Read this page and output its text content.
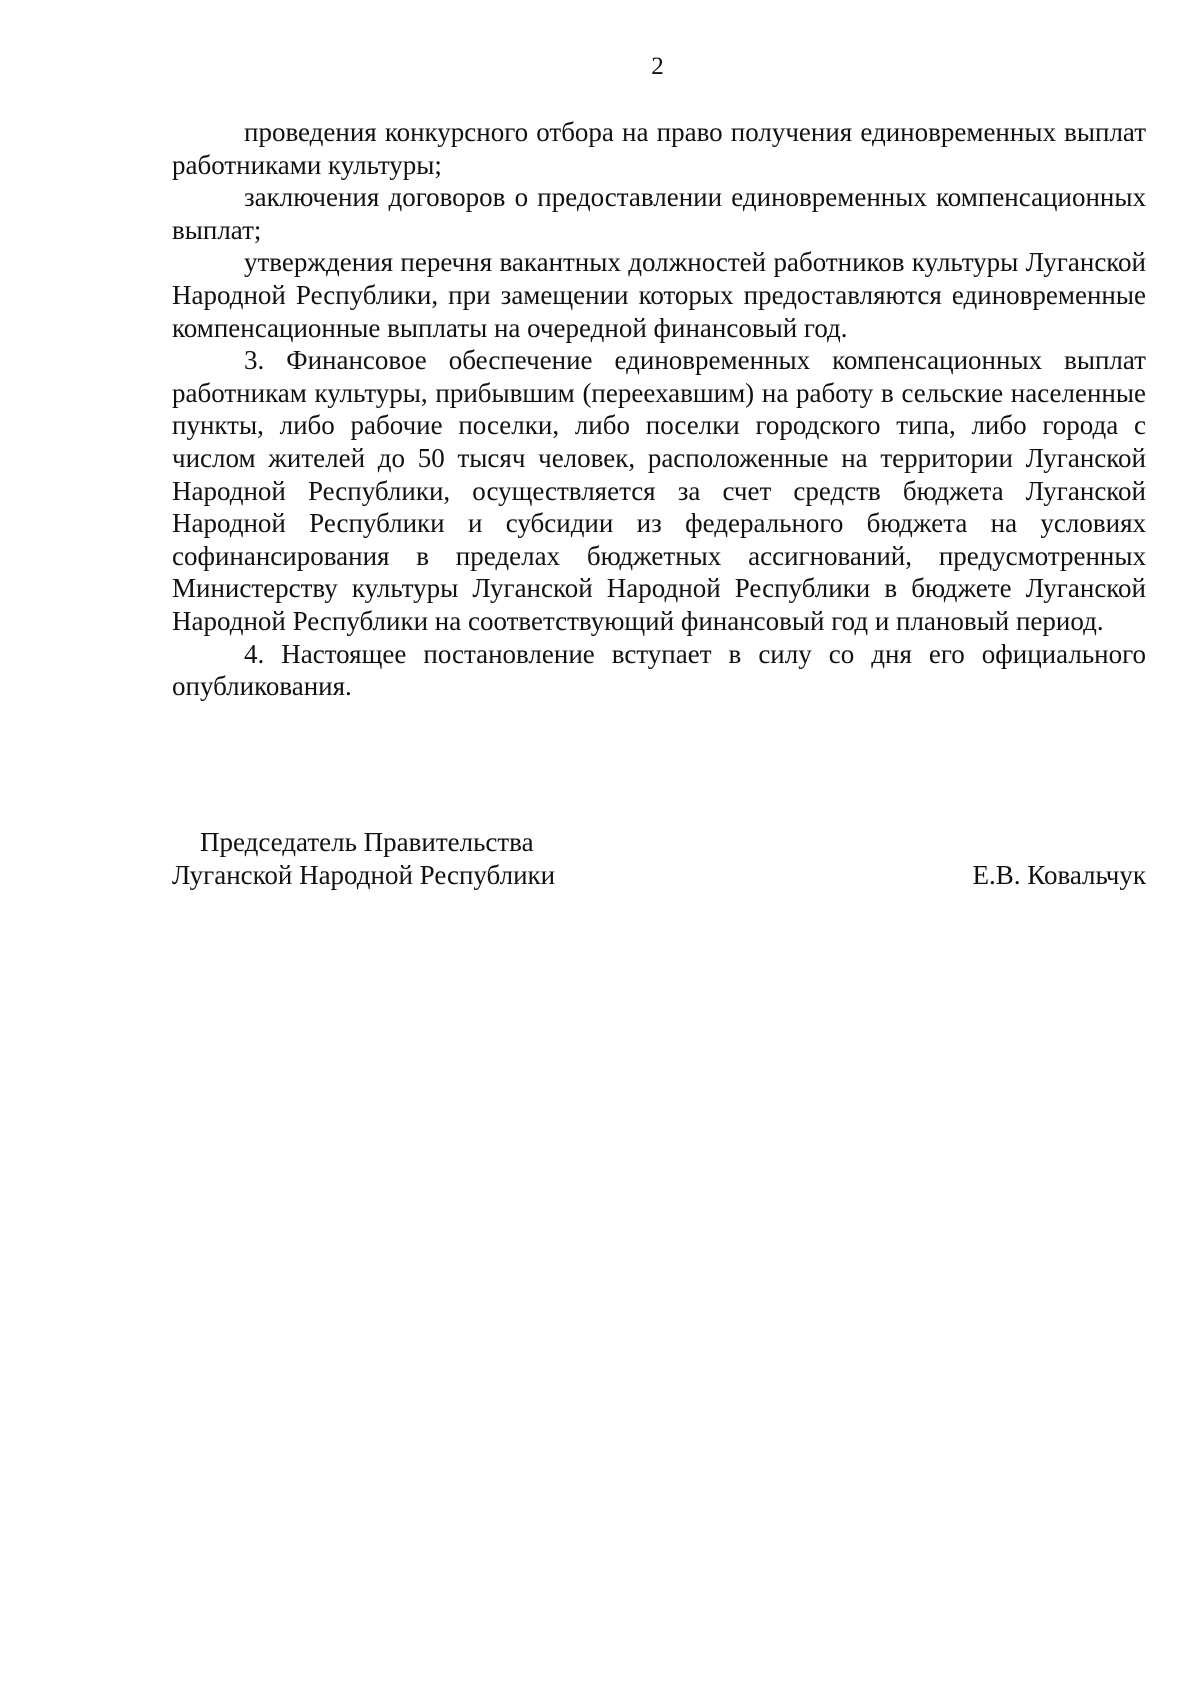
2

проведения конкурсного отбора на право получения единовременных выплат работниками культуры;

заключения договоров о предоставлении единовременных компенсационных выплат;

утверждения перечня вакантных должностей работников культуры Луганской Народной Республики, при замещении которых предоставляются единовременные компенсационные выплаты на очередной финансовый год.

3. Финансовое обеспечение единовременных компенсационных выплат работникам культуры, прибывшим (переехавшим) на работу в сельские населенные пункты, либо рабочие поселки, либо поселки городского типа, либо города с числом жителей до 50 тысяч человек, расположенные на территории Луганской Народной Республики, осуществляется за счет средств бюджета Луганской Народной Республики и субсидии из федерального бюджета на условиях софинансирования в пределах бюджетных ассигнований, предусмотренных Министерству культуры Луганской Народной Республики в бюджете Луганской Народной Республики на соответствующий финансовый год и плановый период.

4. Настоящее постановление вступает в силу со дня его официального опубликования.

Председатель Правительства
Луганской Народной Республики	Е.В. Ковальчук
